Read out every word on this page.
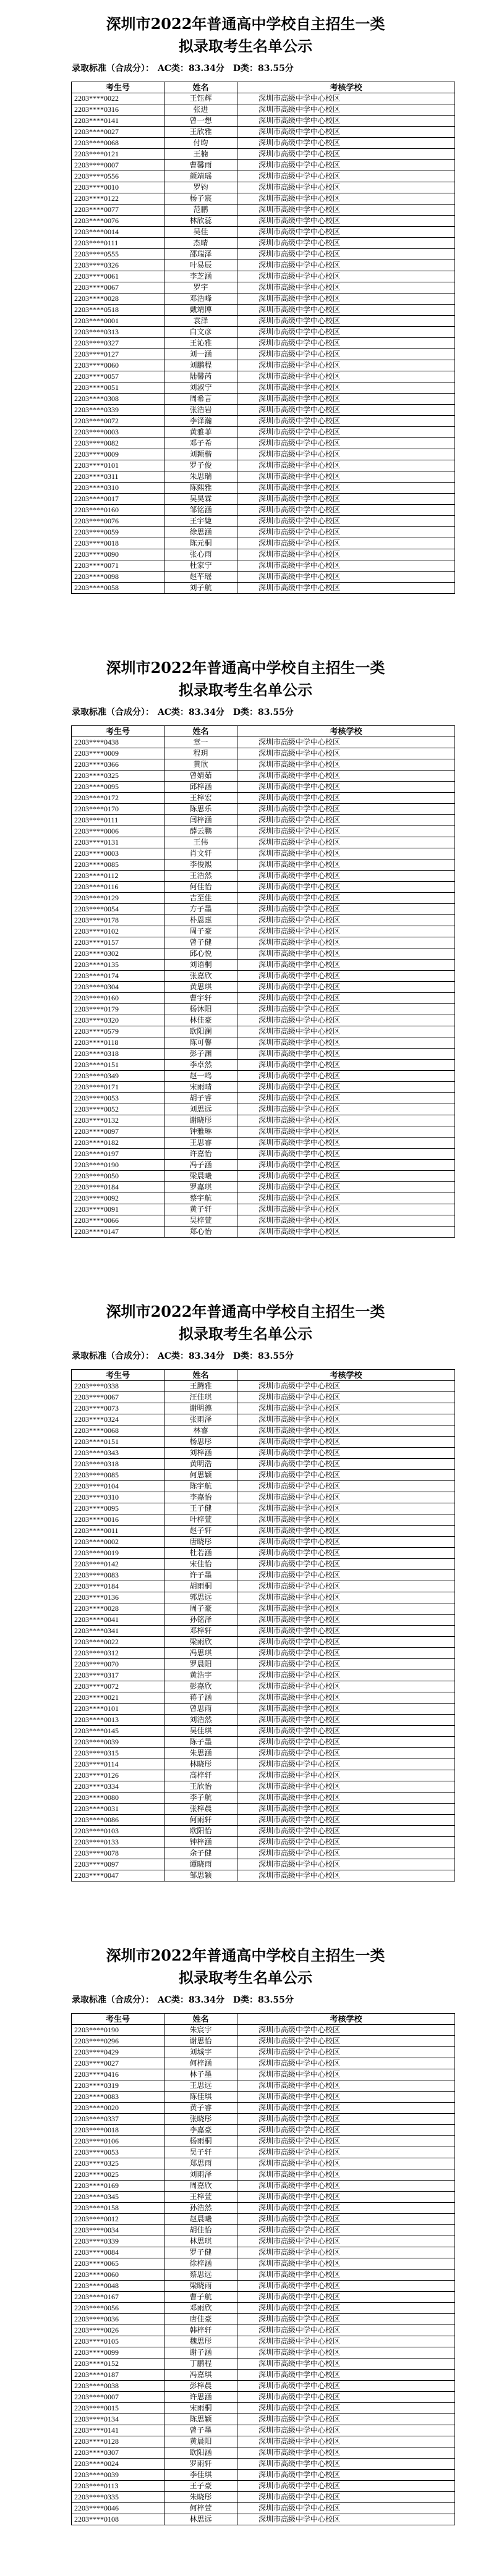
深圳市2022年普通高中学校自主招生一类
拟录取考生名单公示
录取标准（合成分）： AC类：83.34分 D类：83.55分
考生号	姓名	考核学校
2203****0022	王钰辉	深圳市高级中学中心校区
2203****0316	张进	深圳市高级中学中心校区
2203****0141	曾一想	深圳市高级中学中心校区
2203****0027	王欣雅	深圳市高级中学中心校区
2203****0068	付昀	深圳市高级中学中心校区
2203****0121	王楠	深圳市高级中学中心校区
2203****0007	曹馨雨	深圳市高级中学中心校区
2203****0556	颜靖瑶	深圳市高级中学中心校区
2203****0010	罗钧	深圳市高级中学中心校区
2203****0122	杨子宸	深圳市高级中学中心校区
2203****0077	范鹏	深圳市高级中学中心校区
2203****0076	林欣蕊	深圳市高级中学中心校区
2203****0014	吴佳	深圳市高级中学中心校区
2203****0111	杰晴	深圳市高级中学中心校区
2203****0555	邵瑞泽	深圳市高级中学中心校区
2203****0326	叶易辰	深圳市高级中学中心校区
2203****0061	李芝涵	深圳市高级中学中心校区
2203****0067	罗宇	深圳市高级中学中心校区
2203****0028	邓浩峰	深圳市高级中学中心校区
2203****0518	戴靖博	深圳市高级中学中心校区
2203****0001	袁泽	深圳市高级中学中心校区
2203****0313	白文彦	深圳市高级中学中心校区
2203****0327	王沁雅	深圳市高级中学中心校区
2203****0127	刘一涵	深圳市高级中学中心校区
2203****0060	刘鹏程	深圳市高级中学中心校区
2203****0057	陆馨芮	深圳市高级中学中心校区
2203****0051	刘淑宁	深圳市高级中学中心校区
2203****0308	周希言	深圳市高级中学中心校区
2203****0339	张浩岩	深圳市高级中学中心校区
2203****0072	李泽瀚	深圳市高级中学中心校区
2203****0003	黄雅菲	深圳市高级中学中心校区
2203****0082	邓子希	深圳市高级中学中心校区
2203****0009	刘颖楷	深圳市高级中学中心校区
2203****0101	罗子俊	深圳市高级中学中心校区
2203****0311	朱思瑞	深圳市高级中学中心校区
2203****0310	陈熙雅	深圳市高级中学中心校区
2203****0017	吴昊霖	深圳市高级中学中心校区
2203****0160	邹铭涵	深圳市高级中学中心校区
2203****0076	王宇婕	深圳市高级中学中心校区
2203****0059	徐思涵	深圳市高级中学中心校区
2203****0018	陈元桐	深圳市高级中学中心校区
2203****0090	张心雨	深圳市高级中学中心校区
2203****0071	杜家宁	深圳市高级中学中心校区
2203****0098	赵芊瑶	深圳市高级中学中心校区
2203****0058	刘子航	深圳市高级中学中心校区
深圳市2022年普通高中学校自主招生一类
拟录取考生名单公示
录取标准（合成分）： AC类：83.34分 D类：83.55分
考生号	姓名	考核学校
2203****0438	章一	深圳市高级中学中心校区
2203****0009	程玥	深圳市高级中学中心校区
2203****0366	黄欣	深圳市高级中学中心校区
2203****0325	曾婧茹	深圳市高级中学中心校区
2203****0095	邱梓涵	深圳市高级中学中心校区
2203****0172	王梓宏	深圳市高级中学中心校区
2203****0170	陈思乐	深圳市高级中学中心校区
2203****0111	闫梓涵	深圳市高级中学中心校区
2203****0006	薛云鹏	深圳市高级中学中心校区
2203****0131	王伟	深圳市高级中学中心校区
2203****0003	肖文轩	深圳市高级中学中心校区
2203****0085	李俊熙	深圳市高级中学中心校区
2203****0112	王浩然	深圳市高级中学中心校区
2203****0116	何佳怡	深圳市高级中学中心校区
2203****0129	吉至佳	深圳市高级中学中心校区
2203****0054	方子墨	深圳市高级中学中心校区
2203****0178	朴恩惠	深圳市高级中学中心校区
2203****0102	周子豪	深圳市高级中学中心校区
2203****0157	曾子健	深圳市高级中学中心校区
2203****0302	邱心悦	深圳市高级中学中心校区
2203****0135	刘语桐	深圳市高级中学中心校区
2203****0174	张嘉欣	深圳市高级中学中心校区
2203****0304	黄思琪	深圳市高级中学中心校区
2203****0160	曹宇轩	深圳市高级中学中心校区
2203****0179	杨沐阳	深圳市高级中学中心校区
2203****0320	林佳豪	深圳市高级中学中心校区
2203****0579	欧阳澜	深圳市高级中学中心校区
2203****0118	陈可馨	深圳市高级中学中心校区
2203****0318	彭子渊	深圳市高级中学中心校区
2203****0151	李卓然	深圳市高级中学中心校区
2203****0349	赵一鸣	深圳市高级中学中心校区
2203****0171	宋雨晴	深圳市高级中学中心校区
2203****0053	胡子睿	深圳市高级中学中心校区
2203****0052	刘思远	深圳市高级中学中心校区
2203****0132	谢晓彤	深圳市高级中学中心校区
2203****0097	钟雅琳	深圳市高级中学中心校区
2203****0182	王思睿	深圳市高级中学中心校区
2203****0197	许嘉怡	深圳市高级中学中心校区
2203****0190	冯子涵	深圳市高级中学中心校区
2203****0050	梁晨曦	深圳市高级中学中心校区
2203****0184	罗嘉琪	深圳市高级中学中心校区
2203****0092	蔡宇航	深圳市高级中学中心校区
2203****0091	黄子轩	深圳市高级中学中心校区
2203****0066	吴梓萱	深圳市高级中学中心校区
2203****0147	郑心怡	深圳市高级中学中心校区
深圳市2022年普通高中学校自主招生一类
拟录取考生名单公示
录取标准（合成分）： AC类：83.34分 D类：83.55分
考生号	姓名	考核学校
2203****0338	王腾雅	深圳市高级中学中心校区
2203****0067	汪佳琪	深圳市高级中学中心校区
2203****0073	谢明德	深圳市高级中学中心校区
2203****0324	张雨泽	深圳市高级中学中心校区
2203****0068	林睿	深圳市高级中学中心校区
2203****0151	杨思彤	深圳市高级中学中心校区
2203****0343	刘梓涵	深圳市高级中学中心校区
2203****0318	黄明浩	深圳市高级中学中心校区
2203****0085	何思颖	深圳市高级中学中心校区
2203****0104	陈宇航	深圳市高级中学中心校区
2203****0310	李嘉怡	深圳市高级中学中心校区
2203****0095	王子健	深圳市高级中学中心校区
2203****0016	叶梓萱	深圳市高级中学中心校区
2203****0011	赵子轩	深圳市高级中学中心校区
2203****0002	唐晓彤	深圳市高级中学中心校区
2203****0019	杜若涵	深圳市高级中学中心校区
2203****0142	宋佳怡	深圳市高级中学中心校区
2203****0083	许子墨	深圳市高级中学中心校区
2203****0184	胡雨桐	深圳市高级中学中心校区
2203****0136	郭思远	深圳市高级中学中心校区
2203****0028	周子豪	深圳市高级中学中心校区
2203****0041	孙铭泽	深圳市高级中学中心校区
2203****0341	邓梓轩	深圳市高级中学中心校区
2203****0022	梁雨欣	深圳市高级中学中心校区
2203****0312	冯思琪	深圳市高级中学中心校区
2203****0070	罗晨阳	深圳市高级中学中心校区
2203****0317	黄浩宇	深圳市高级中学中心校区
2203****0072	彭嘉欣	深圳市高级中学中心校区
2203****0021	蒋子涵	深圳市高级中学中心校区
2203****0101	曾思雨	深圳市高级中学中心校区
2203****0013	刘浩然	深圳市高级中学中心校区
2203****0145	吴佳琪	深圳市高级中学中心校区
2203****0039	陈子墨	深圳市高级中学中心校区
2203****0315	朱思涵	深圳市高级中学中心校区
2203****0114	林晓彤	深圳市高级中学中心校区
2203****0126	高梓轩	深圳市高级中学中心校区
2203****0334	王欣怡	深圳市高级中学中心校区
2203****0080	李子航	深圳市高级中学中心校区
2203****0031	张梓晨	深圳市高级中学中心校区
2203****0086	何雨轩	深圳市高级中学中心校区
2203****0103	欧阳怡	深圳市高级中学中心校区
2203****0133	钟梓涵	深圳市高级中学中心校区
2203****0078	余子健	深圳市高级中学中心校区
2203****0097	谭晓雨	深圳市高级中学中心校区
2203****0047	邹思颖	深圳市高级中学中心校区
深圳市2022年普通高中学校自主招生一类
拟录取考生名单公示
录取标准（合成分）： AC类：83.34分 D类：83.55分
考生号	姓名	考核学校
2203****0190	朱宸宇	深圳市高级中学中心校区
2203****0296	谢思怡	深圳市高级中学中心校区
2203****0429	刘城宇	深圳市高级中学中心校区
2203****0027	何梓涵	深圳市高级中学中心校区
2203****0416	林子墨	深圳市高级中学中心校区
2203****0319	王思远	深圳市高级中学中心校区
2203****0083	陈佳琪	深圳市高级中学中心校区
2203****0020	黄子睿	深圳市高级中学中心校区
2203****0337	张晓彤	深圳市高级中学中心校区
2203****0018	李嘉豪	深圳市高级中学中心校区
2203****0106	杨雨桐	深圳市高级中学中心校区
2203****0053	吴子轩	深圳市高级中学中心校区
2203****0325	郑思雨	深圳市高级中学中心校区
2203****0025	刘雨泽	深圳市高级中学中心校区
2203****0169	周嘉欣	深圳市高级中学中心校区
2203****0345	王梓萱	深圳市高级中学中心校区
2203****0158	孙浩然	深圳市高级中学中心校区
2203****0012	赵晨曦	深圳市高级中学中心校区
2203****0034	胡佳怡	深圳市高级中学中心校区
2203****0339	林思琪	深圳市高级中学中心校区
2203****0084	罗子健	深圳市高级中学中心校区
2203****0065	徐梓涵	深圳市高级中学中心校区
2203****0060	蔡思远	深圳市高级中学中心校区
2203****0048	梁晓雨	深圳市高级中学中心校区
2203****0167	曹子航	深圳市高级中学中心校区
2203****0056	邓雨欣	深圳市高级中学中心校区
2203****0036	唐佳豪	深圳市高级中学中心校区
2203****0026	韩梓轩	深圳市高级中学中心校区
2203****0105	魏思彤	深圳市高级中学中心校区
2203****0099	谢子涵	深圳市高级中学中心校区
2203****0152	丁鹏程	深圳市高级中学中心校区
2203****0187	冯嘉琪	深圳市高级中学中心校区
2203****0038	彭梓晨	深圳市高级中学中心校区
2203****0007	许思涵	深圳市高级中学中心校区
2203****0015	宋雨桐	深圳市高级中学中心校区
2203****0134	陈思颖	深圳市高级中学中心校区
2203****0141	曾子墨	深圳市高级中学中心校区
2203****0128	黄晨阳	深圳市高级中学中心校区
2203****0307	欧阳涵	深圳市高级中学中心校区
2203****0024	罗雨轩	深圳市高级中学中心校区
2203****0039	李佳琪	深圳市高级中学中心校区
2203****0113	王子豪	深圳市高级中学中心校区
2203****0335	朱晓彤	深圳市高级中学中心校区
2203****0046	何梓萱	深圳市高级中学中心校区
2203****0108	林思远	深圳市高级中学中心校区
